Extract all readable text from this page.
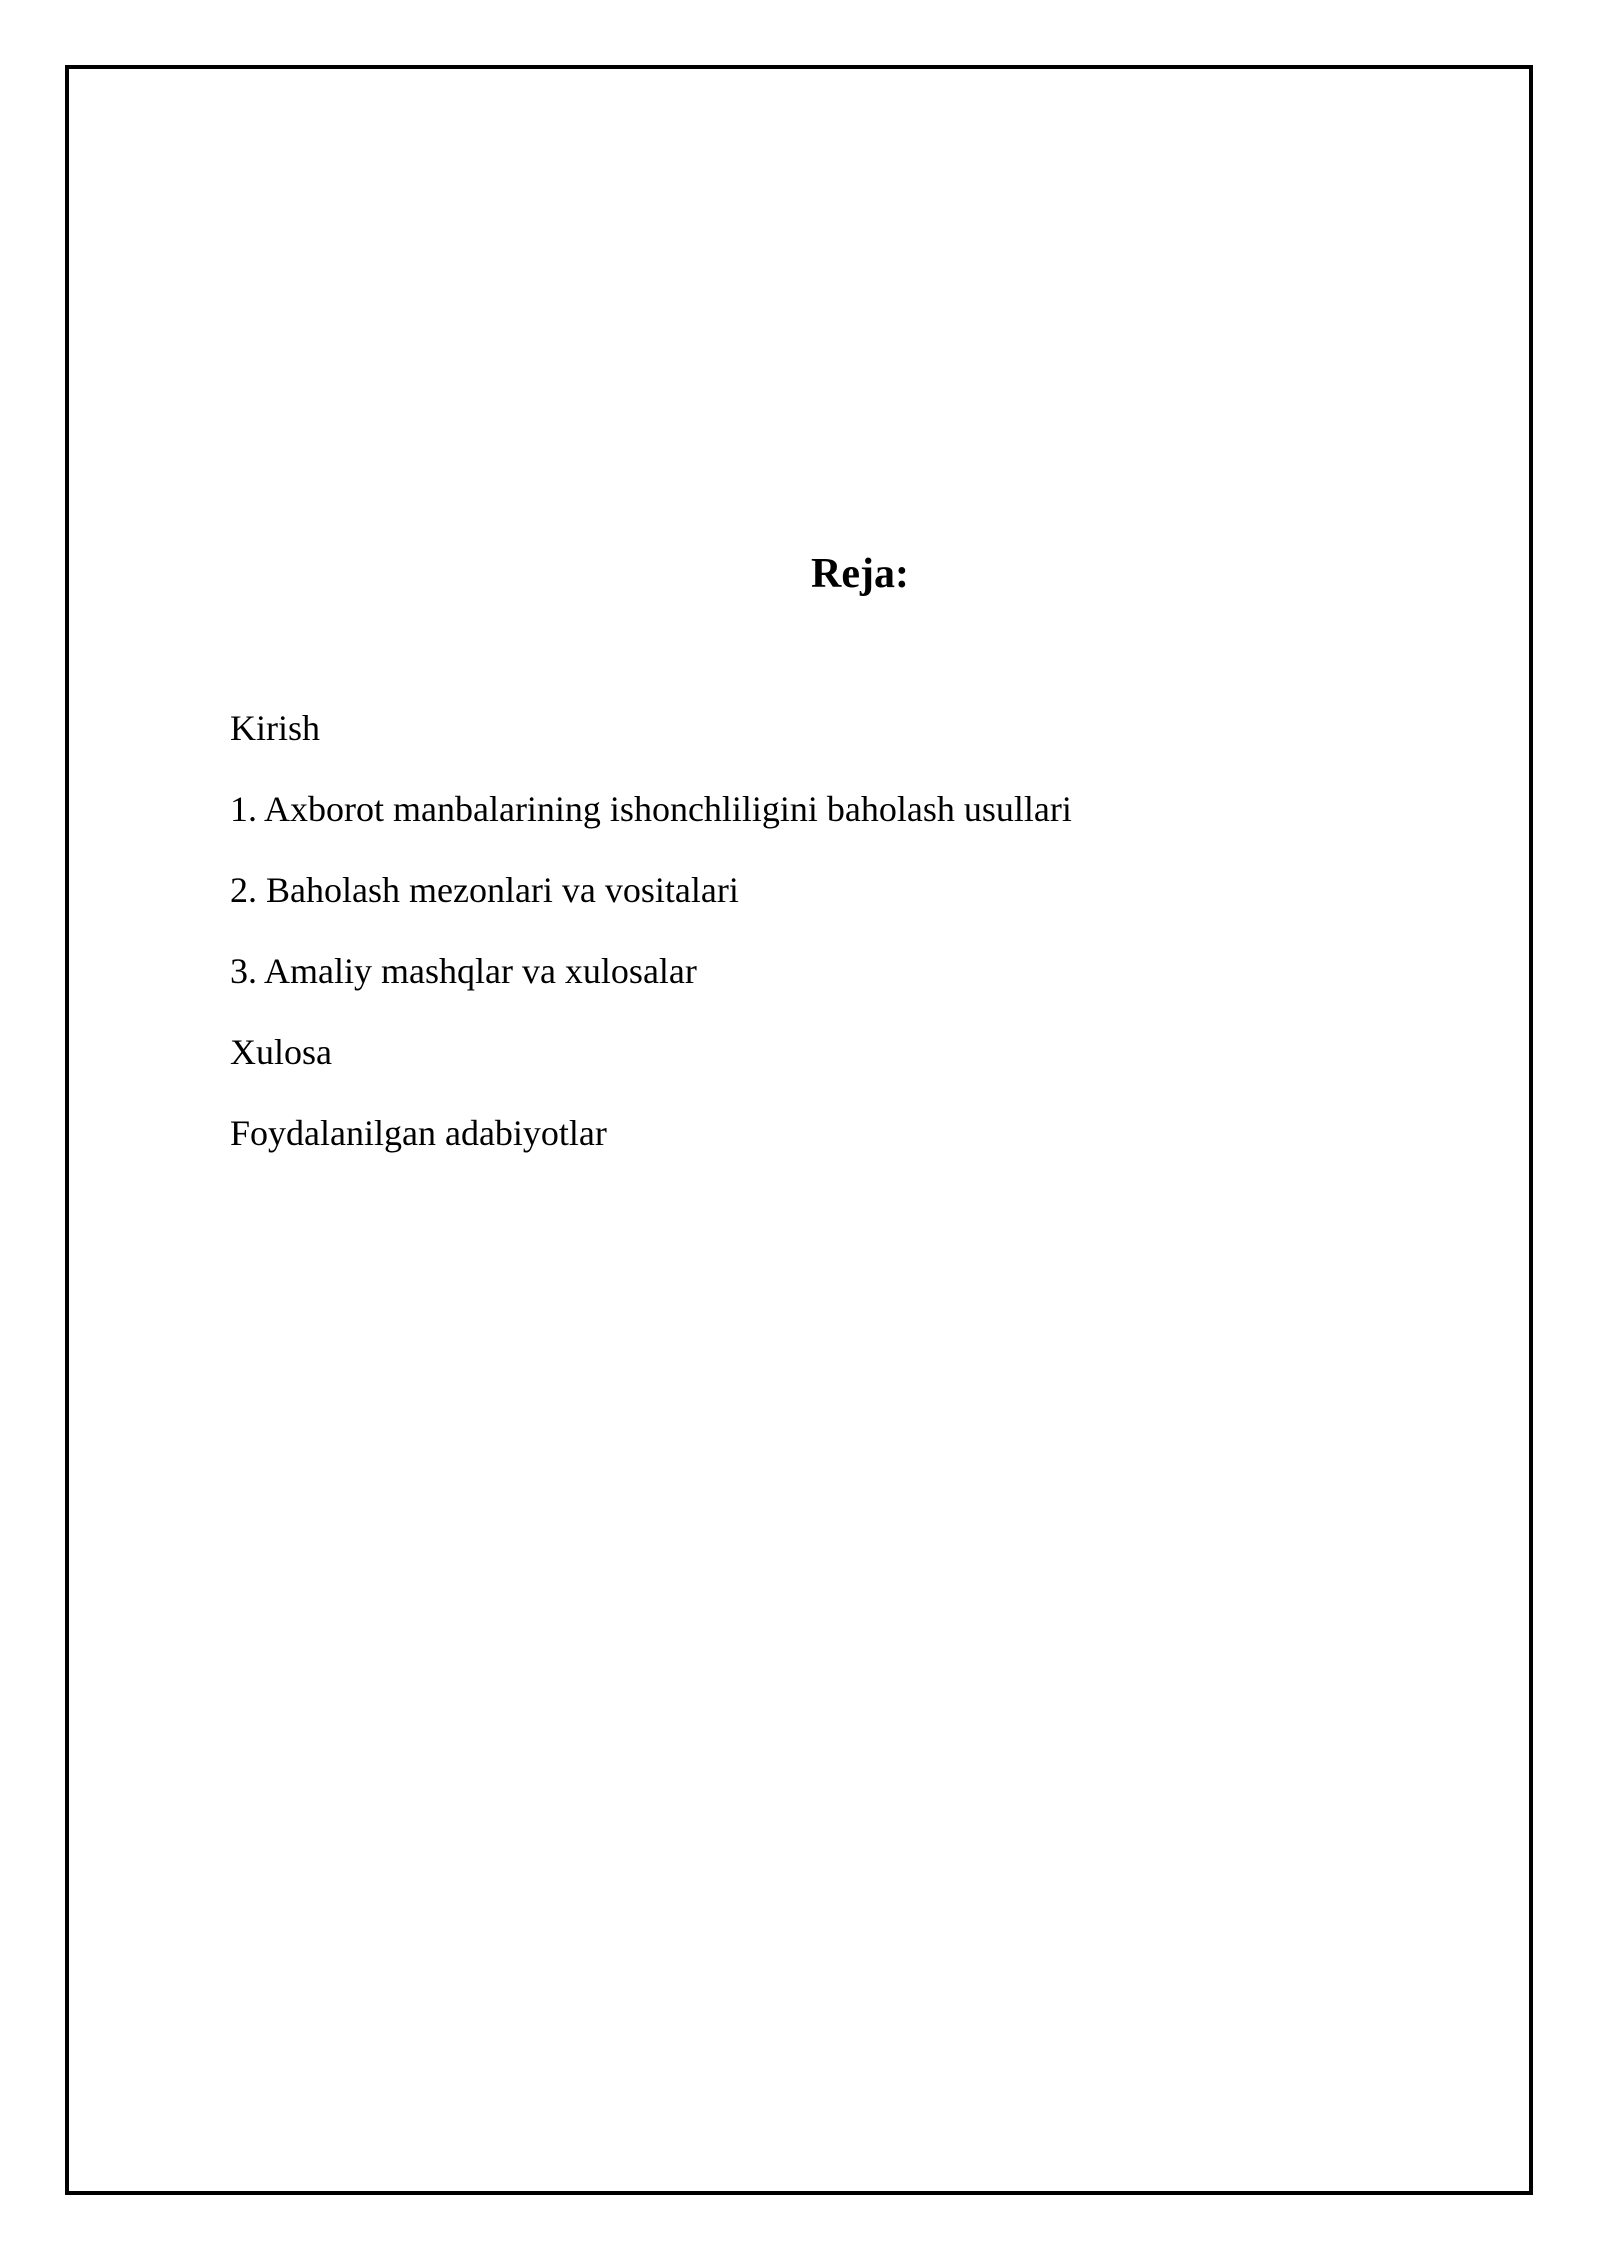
Reja:
Kirish
1. Axborot manbalarining ishonchliligini baholash usullari
2. Baholash mezonlari va vositalari
3. Amaliy mashqlar va xulosalar
Xulosa
Foydalanilgan adabiyotlar
